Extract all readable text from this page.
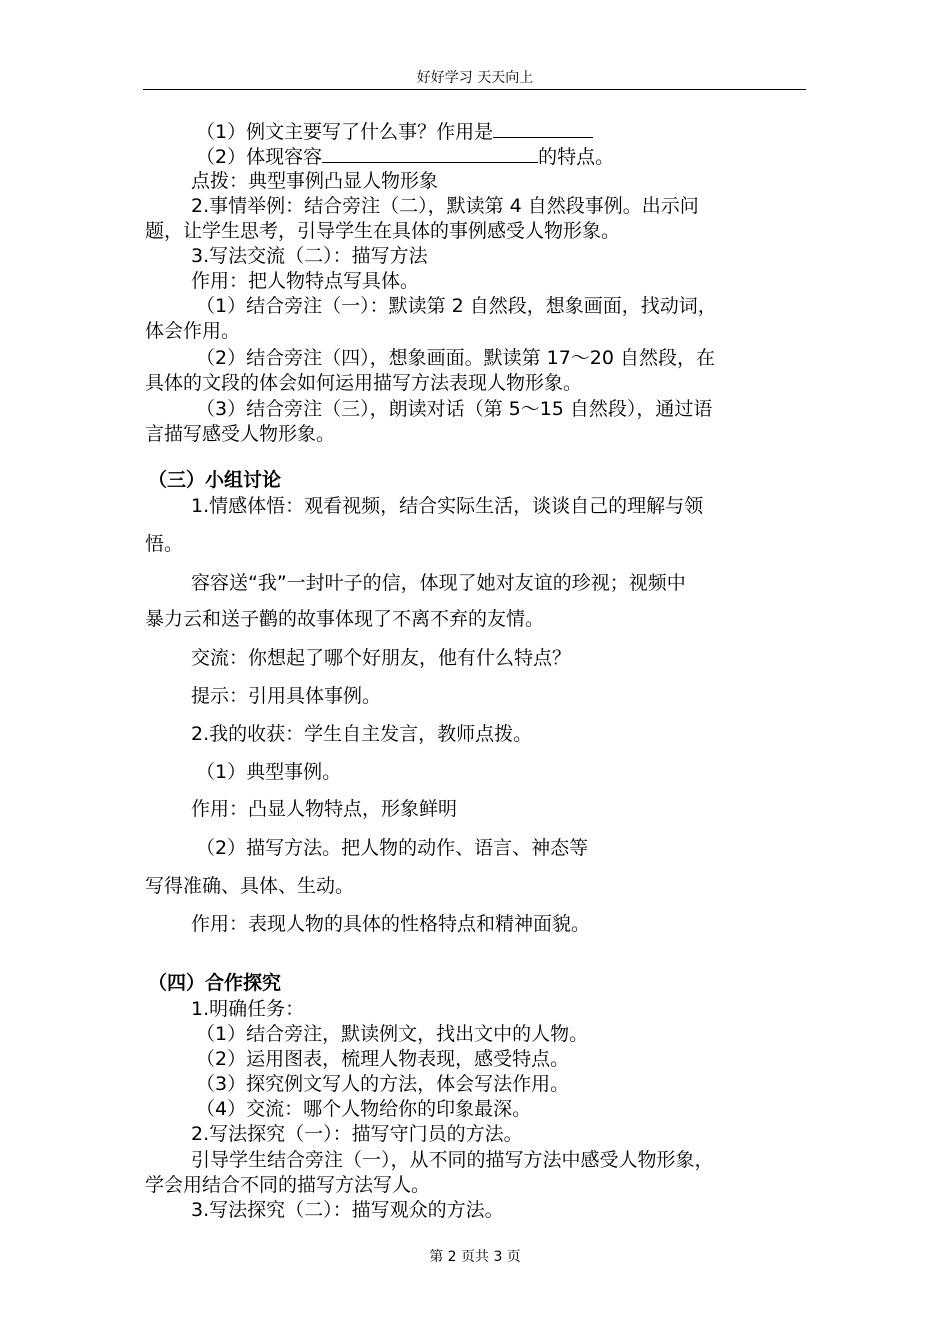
好好学习 天天向上
（1）例文主要写了什么事？作用是
（2）体现容容	的特点。
点拨：典型事例凸显人物形象
2.事情举例：结合旁注（二），默读第 4 自然段事例。出示问
题，让学生思考，引导学生在具体的事例感受人物形象。
3.写法交流（二）：描写方法
作用：把人物特点写具体。
（1）结合旁注（一）：默读第 2 自然段，想象画面，找动词，
体会作用。
（2）结合旁注（四），想象画面。默读第 17～20 自然段，在
具体的文段的体会如何运用描写方法表现人物形象。
（3）结合旁注（三），朗读对话（第 5～15 自然段），通过语
言描写感受人物形象。
（三）小组讨论
1.情感体悟：观看视频，结合实际生活，谈谈自己的理解与领
悟。
容容送“我”一封叶子的信，体现了她对友谊的珍视；视频中
暴力云和送子鹳的故事体现了不离不弃的友情。
交流：你想起了哪个好朋友，他有什么特点？
提示：引用具体事例。
2.我的收获：学生自主发言，教师点拨。
（1）典型事例。
作用：凸显人物特点，形象鲜明
（2）描写方法。把人物的动作、语言、神态等
写得准确、具体、生动。
作用：表现人物的具体的性格特点和精神面貌。
（四）合作探究
1.明确任务：
（1）结合旁注，默读例文，找出文中的人物。
（2）运用图表，梳理人物表现，感受特点。
（3）探究例文写人的方法，体会写法作用。
（4）交流：哪个人物给你的印象最深。
2.写法探究（一）：描写守门员的方法。
引导学生结合旁注（一），从不同的描写方法中感受人物形象，
学会用结合不同的描写方法写人。
3.写法探究（二）：描写观众的方法。
第 2 页共 3 页
